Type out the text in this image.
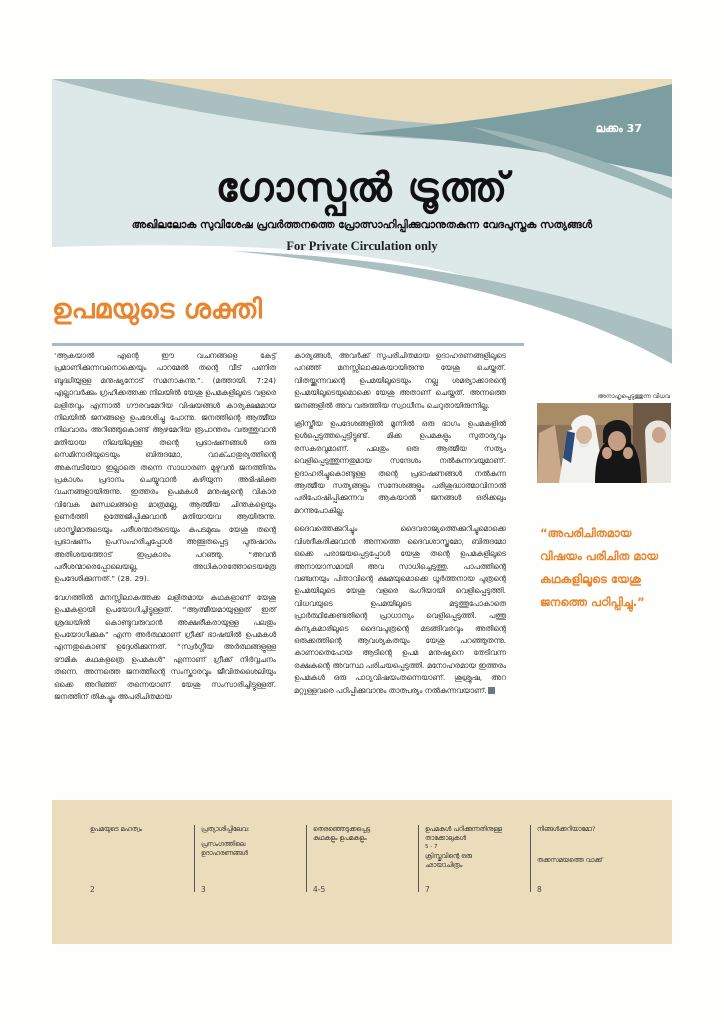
ലക്കം 37
ഗോസ്പൽ ട്രൂത്ത്
അഖിലലോക സുവിശേഷ പ്രവർത്തനത്തെ പ്രോത്സാഹിപ്പിക്കുവാനുതകുന്ന വേദപുസ്തക സത്യങ്ങൾ
For Private Circulation only
ഉപമയുടെ ശക്തി

‘ആകയാൽ എന്റെ ഈ വചനങ്ങളെ കേട്ട് പ്രമാണിക്കുന്നവനൊക്കെയും പാറമേൽ തന്റെ വീട് പണിത ബുദ്ധിയുള്ള മനുഷ്യനോട് സമനാകുന്നു.”. (മത്തായി. 7:24) എല്ലാവർക്കും ഗ്രഹിക്കത്തക്ക നിലയിൽ യേശു ഉപമകളിലൂടെ വളരെ ലളിതവും എന്നാൽ ഗൗരവമേറിയ വിഷയങ്ങൾ കാര്യക്ഷമമായ നിലയിൽ ജനങ്ങളെ ഉപദേശിച്ചു പോന്നു. ജനത്തിന്റെ ആത്മീയ നിലവാരം അറിഞ്ഞുകൊണ്ട് ആഴമേറിയ രൂപാന്തരം വരുത്തുവാൻ മതിയായ നിലയിലുള്ള തന്റെ പ്രഭാഷണങ്ങൾ ഒരു സെമിനാരിയുടെയും ബിരുദമോ, വാക്ചാതുര്യത്തിന്റെ അകമ്പടിയോ ഇല്ലാതെ തന്നെ സാധാരണ മുഴുവൻ ജനത്തിനും പ്രകാശം പ്രദാനം ചെയ്യുവാൻ കഴിയുന്ന അഭിഷിക്ത വചനങ്ങളായിരുന്നു. ഇത്തരം ഉപമകൾ മനുഷ്യന്റെ വികാര വിവേക മണ്ഡലങ്ങളെ മാത്രമല്ല, ആത്മീയ ചിന്തകളെയും ഉണർത്തി ഉത്തേജിപ്പിക്കുവാൻ മതിയായവ ആയിരുന്നു. ശാസ്ത്രിമാരുടെയും പരീശന്മാരുടെയും കപടമുഖം യേശു തന്റെ പ്രഭാഷണം ഉപസംഹരിച്ചപ്പോൾ അത്ഭുതപ്പെട്ട പുരുഷാരം അതിശയത്തോട് ഇപ്രകാരം പറഞ്ഞു. “അവൻ പരീശന്മാരെപ്പോലെയല്ല, അധികാരത്തോടെയത്രേ ഉപദേശിക്കുന്നത്.” (28. 29).

വേഗത്തിൽ മനസ്സിലാകത്തക്ക ലളിതമായ കഥകളാണ് യേശു ഉപമകളായി ഉപയോഗിച്ചിട്ടുള്ളത്. “ആത്മീയമായുള്ളത് ഇത് ശ്രദ്ധയിൽ കൊണ്ടുവരുവാൻ അക്ഷരീകരായുള്ള പലതും ഉപയോഗിക്കുക” എന്ന അർത്ഥമാണ് ഗ്രീക്ക് ഭാഷയിൽ ഉപമകൾ എന്നതുകൊണ്ട് ഉദ്ദേശിക്കുന്നത്. “സ്വർഗ്ഗീയ അർത്ഥങ്ങളുള്ള ഭൗമിക കഥകളത്രെ ഉപമകൾ” എന്നാണ് ഗ്രീക്ക് നിർവ്വചനം തന്നെ. അന്നത്തെ ജനത്തിന്റെ സംസ്കാരവും ജീവിതശൈലിയും ഒക്കെ അറിഞ്ഞ് തന്നെയാണ് യേശു സംസാരിച്ചിട്ടുള്ളത്. ജനത്തിന് തികച്ചും അപരിചിതമായ

കാര്യങ്ങൾ, അവർക്ക് സുപരിചിതമായ ഉദാഹരണങ്ങളിലൂടെ പറഞ്ഞ് മനസ്സിലാക്കുകയായിരുന്നു യേശു ചെയ്തത്. വിതയ്ക്കുന്നവന്റെ ഉപമയിലൂടെയും നല്ല ശമര്യാക്കാരന്റെ ഉപമയിലൂടെയുമൊക്കെ യേശു അതാണ് ചെയ്തത്. അന്നത്തെ ജനങ്ങളിൽ അവ വരുത്തിയ സ്വാധീനം ചെറുതായിരുന്നില്ല.

ക്രിസ്തീയ ഉപദേശങ്ങളിൽ മൂന്നിൽ ഒരു ഭാഗം ഉപമകളിൽ ഉൾപ്പെടുത്തപ്പെട്ടിട്ടുണ്ട്. മിക്ക ഉപമകളും സുതാര്യവും രസകരവുമാണ്. പലതും ഒരു ആത്മീയ സത്യം വെളിപ്പെടുത്തുന്നതുമായ സന്ദേശം നൽകുന്നവയുമാണ്. ഉദാഹരിച്ചുകൊണ്ടുള്ള തന്റെ പ്രഭാഷണങ്ങൾ നൽകുന്ന ആത്മീയ സത്യങ്ങളും സന്ദേശങ്ങളും പരിശുദ്ധാത്മാവിനാൽ പരിപോഷിപ്പിക്കുന്നവ ആകയാൽ ജനങ്ങൾ ഒരിക്കലും മറന്നുപോകില്ല.

ദൈവത്തെക്കുറിച്ചും ദൈവരാജ്യത്തെക്കുറിച്ചുമൊക്കെ വിശദീകരിക്കുവാൻ അന്നത്തെ ദൈവശാസ്ത്രമോ, ബിരുദമോ ഒക്കെ പരാജയപ്പെട്ടപ്പോൾ യേശു തന്റെ ഉപമകളിലൂടെ അനായാസമായി അവ സാധിച്ചെടുത്തു. പാപത്തിന്റെ വഞ്ചനയും പിതാവിന്റെ ക്ഷമയുമൊക്കെ ധൂർത്തനായ പുത്രന്റെ ഉപമയിലൂടെ യേശു വളരെ ഭംഗിയായി വെളിപ്പെടുത്തി. വിധവയുടെ ഉപമയിലൂടെ മടുത്തുപോകാതെ പ്രാർത്ഥിക്കേണ്ടതിന്റെ പ്രാധാന്യം വെളിപ്പെടുത്തി. പത്തു കന്യകമാരിലൂടെ ദൈവപുത്രന്റെ മടങ്ങിവരവും അതിന്റെ ഒരുക്കത്തിന്റെ ആവശ്യകതയും യേശു പറഞ്ഞുതന്നു. കാണാതെപോയ ആടിന്റെ ഉപമ മനുഷ്യനെ തേടിവന്ന രക്ഷകന്റെ അവസ്ഥ പരിചയപ്പെടുത്തി. മനോഹരമായ ഇത്തരം ഉപമകൾ ഒരു പാഠ്യവിഷയംതന്നെയാണ്. ശുശ്രൂഷ, അറ മറ്റുള്ളവരെ പഠിപ്പിക്കുവാനും താത്പര്യം നൽകുന്നവയാണ്.

അനാഹൃപ്പെടുത്തുന്ന വിധവ
“അപരിചിതമായ വിഷയം പരിചിത മായ കഥകളിലൂടെ യേശു ജനത്തെ പഠിപ്പിച്ചു.”
ഉപമയുടെ മഹത്വം
2
പ്രത്യാശിപ്പിലേവ:
പ്രസംഗത്തിലെ ഉദാഹരണങ്ങൾ
3
തെരഞ്ഞെടുക്കപ്പെട്ട കഥകളും ഉപമകളും
4-5
ഉപമകൾ പഠിക്കുന്നതിനുള്ള താക്കോലുകൾ
5 - 7
ക്രിസ്തുവിന്റെ ഒരു ഛായാചിത്രം
7
നിങ്ങൾക്കറിയാമോ?
തക്കസമയത്തെ വാക്ക്
8
